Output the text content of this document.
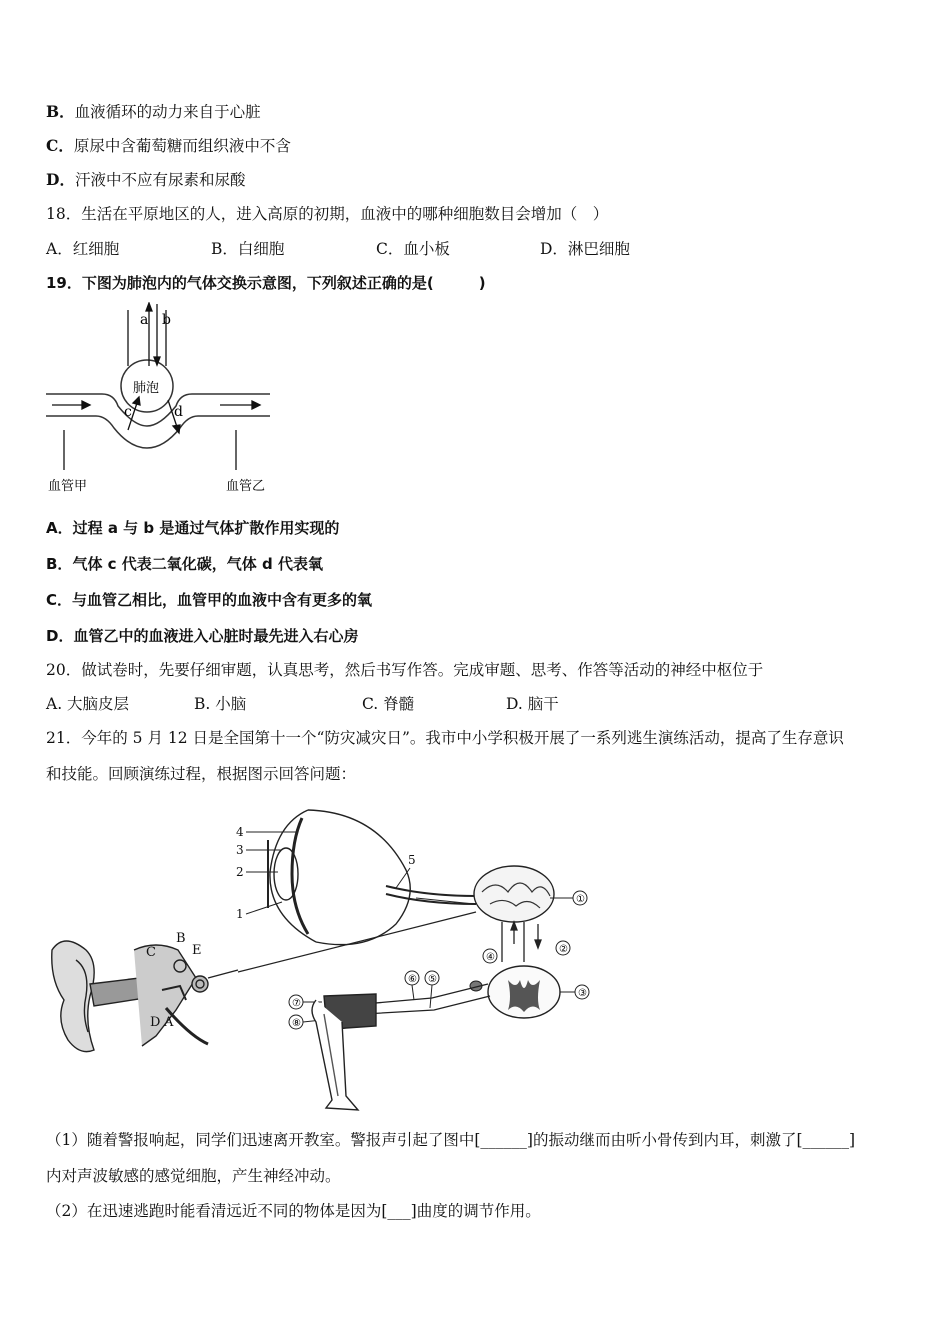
B．血液循环的动力来自于心脏
C．原尿中含葡萄糖而组织液中不含
D．汗液中不应有尿素和尿酸
18．生活在平原地区的人，进入高原的初期，血液中的哪种细胞数目会增加（　）
A．红细胞	B．白细胞	C．血小板	D．淋巴细胞
19．下图为肺泡内的气体交换示意图，下列叙述正确的是(　　　)
a b
c	d
肺泡
血管甲	血管乙
A．过程 a 与 b 是通过气体扩散作用实现的
B．气体 c 代表二氧化碳，气体 d 代表氧
C．与血管乙相比，血管甲的血液中含有更多的氧
D．血管乙中的血液进入心脏时最先进入右心房
20．做试卷时，先要仔细审题，认真思考，然后书写作答。完成审题、思考、作答等活动的神经中枢位于
A. 大脑皮层	B. 小脑	C. 脊髓	D. 脑干
21．今年的 5 月 12 日是全国第十一个“防灾减灾日”。我市中小学积极开展了一系列逃生演练活动，提高了生存意识
和技能。回顾演练过程，根据图示回答问题：
4
3
2
1
5
①
④
②
③
⑥ ⑤
⑦
⑧
C
B
E
D A
（1）随着警报响起，同学们迅速离开教室。警报声引起了图中[______]的振动继而由听小骨传到内耳，刺激了[______]
内对声波敏感的感觉细胞，产生神经冲动。
（2）在迅速逃跑时能看清远近不同的物体是因为[___]曲度的调节作用。
